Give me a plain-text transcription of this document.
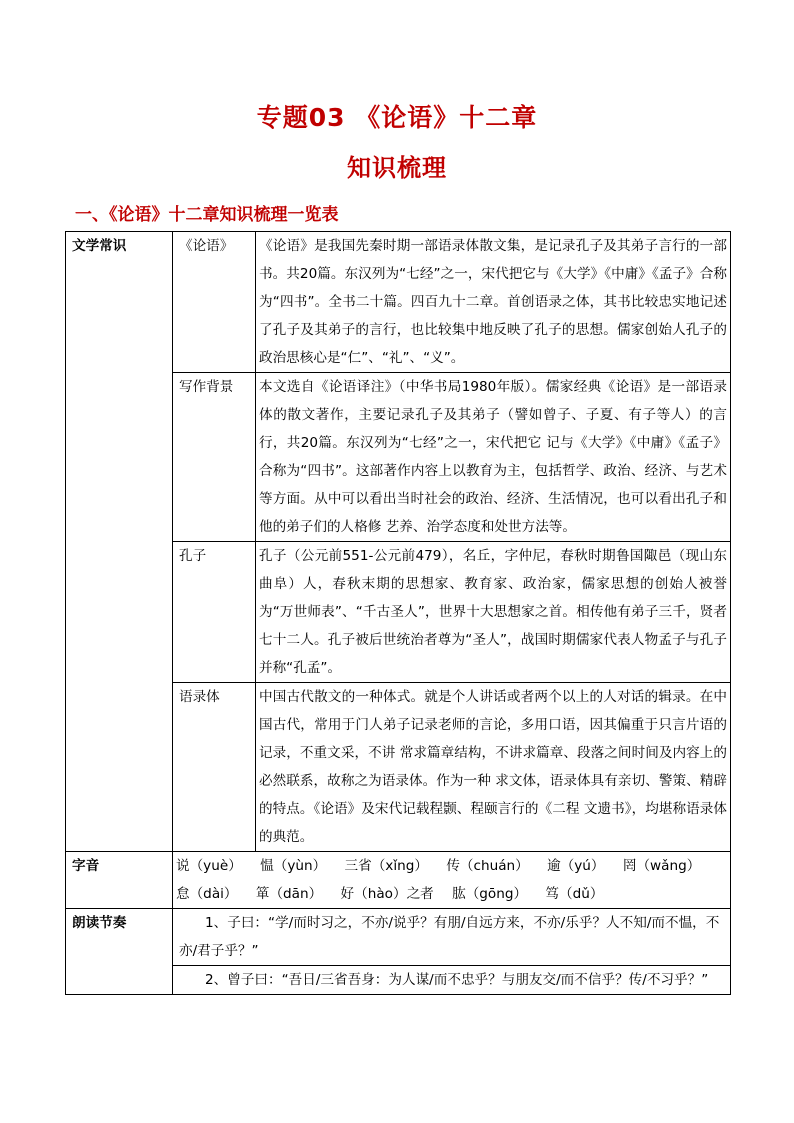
专题03 《论语》十二章
知识梳理
一、《论语》十二章知识梳理一览表
文学常识	《论语》	《论语》是我国先秦时期一部语录体散文集，是记录孔子及其弟子言行的一部书。共20篇。东汉列为“七经”之一，宋代把它与《大学》《中庸》《孟子》合称为“四书”。全书二十篇。四百九十二章。首创语录之体，其书比较忠实地记述了孔子及其弟子的言行，也比较集中地反映了孔子的思想。儒家创始人孔子的政治思核心是“仁”、“礼”、“义”。
	写作背景	本文选自《论语译注》（中华书局1980年版）。儒家经典《论语》是一部语录体的散文著作，主要记录孔子及其弟子（譬如曾子、子夏、有子等人）的言行，共20篇。东汉列为“七经”之一，宋代把它 记与《大学》《中庸》《孟子》合称为“四书”。这部著作内容上以教育为主，包括哲学、政治、经济、与艺术等方面。从中可以看出当时社会的政治、经济、生活情况，也可以看出孔子和他的弟子们的人格修 艺养、治学态度和处世方法等。
	孔子	孔子（公元前551-公元前479），名丘，字仲尼，春秋时期鲁国陬邑（现山东曲阜）人，春秋末期的思想家、教育家、政治家，儒家思想的创始人被誉为“万世师表”、“千古圣人”，世界十大思想家之首。相传他有弟子三千，贤者七十二人。孔子被后世统治者尊为“圣人”，战国时期儒家代表人物孟子与孔子并称“孔孟”。
	语录体	中国古代散文的一种体式。就是个人讲话或者两个以上的人对话的辑录。在中国古代，常用于门人弟子记录老师的言论，多用口语，因其偏重于只言片语的记录，不重文采，不讲 常求篇章结构，不讲求篇章、段落之间时间及内容上的必然联系，故称之为语录体。作为一种 求文体，语录体具有亲切、警策、精辟的特点。《论语》及宋代记载程颢、程颐言行的《二程 文遗书》，均堪称语录体的典范。
字音	说（yuè） 愠（yùn） 三省（xǐng） 传（chuán） 逾（yú） 罔（wǎng） 怠（dài） 箪（dān） 好（hào）之者 肱（gōng） 笃（dǔ）	
朗读节奏	1、子曰：“学/而时习之，不亦/说乎？有朋/自远方来，不亦/乐乎？人不知/而不愠，不亦/君子乎？”	
	2、曾子曰：“吾日/三省吾身：为人谋/而不忠乎？与朋友交/而不信乎？传/不习乎？”	
